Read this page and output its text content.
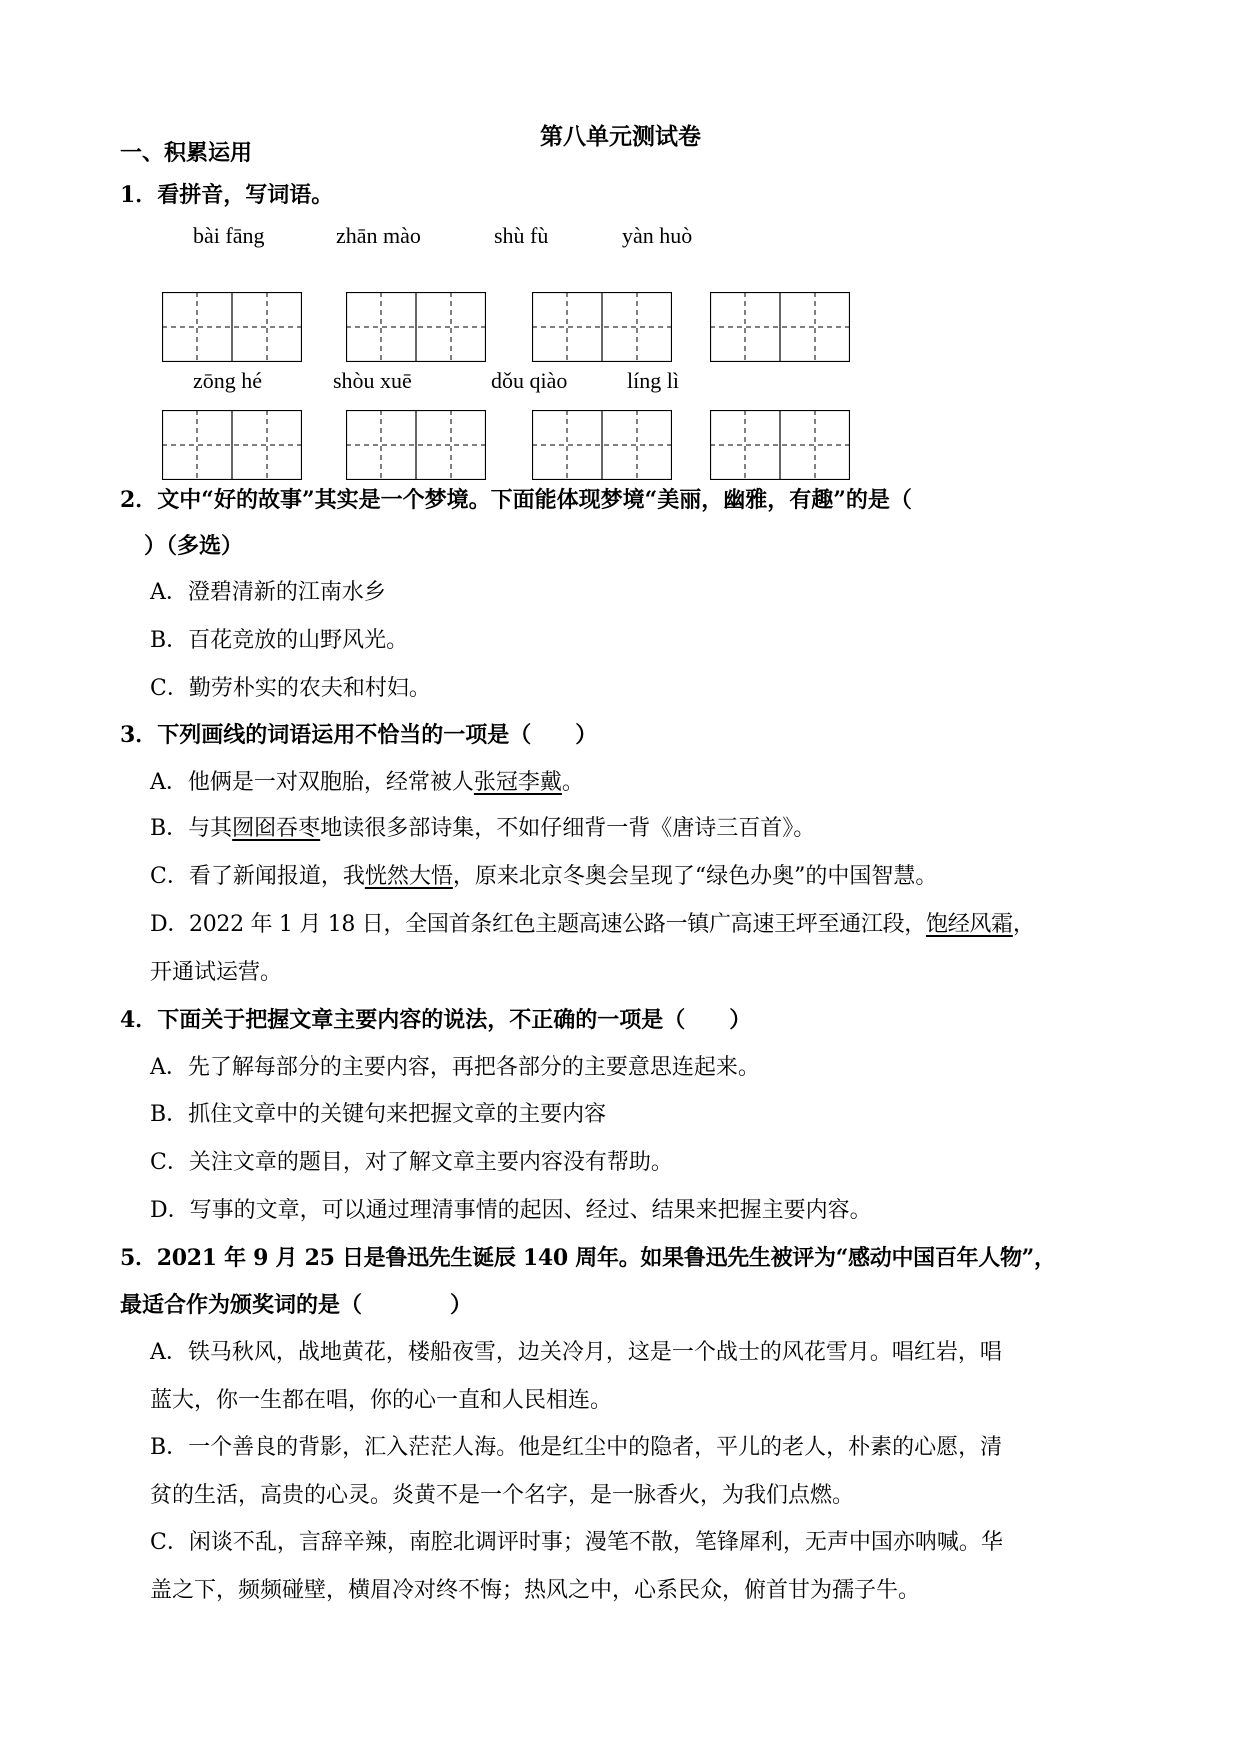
第八单元测试卷
一、积累运用
1．看拼音，写词语。
bài fāng	zhān mào	shù fù	yàn huò
zōng hé	shòu xuē	dǒu qiào	líng lì
2．文中“好的故事”其实是一个梦境。下面能体现梦境“美丽，幽雅，有趣”的是（
）（多选）
A．澄碧清新的江南水乡
B．百花竞放的山野风光。
C．勤劳朴实的农夫和村妇。
3．下列画线的词语运用不恰当的一项是（　　）
A．他俩是一对双胞胎，经常被人张冠李戴。
B．与其囫囵吞枣地读很多部诗集，不如仔细背一背《唐诗三百首》。
C．看了新闻报道，我恍然大悟，原来北京冬奥会呈现了“绿色办奥”的中国智慧。
D．2022 年 1 月 18 日，全国首条红色主题高速公路一镇广高速王坪至通江段，饱经风霜，
开通试运营。
4．下面关于把握文章主要内容的说法，不正确的一项是（　　）
A．先了解每部分的主要内容，再把各部分的主要意思连起来。
B．抓住文章中的关键句来把握文章的主要内容
C．关注文章的题目，对了解文章主要内容没有帮助。
D．写事的文章，可以通过理清事情的起因、经过、结果来把握主要内容。
5．2021 年 9 月 25 日是鲁迅先生诞辰 140 周年。如果鲁迅先生被评为“感动中国百年人物”，
最适合作为颁奖词的是（　　　　）
A．铁马秋风，战地黄花，楼船夜雪，边关冷月，这是一个战士的风花雪月。唱红岩，唱
蓝大，你一生都在唱，你的心一直和人民相连。
B．一个善良的背影，汇入茫茫人海。他是红尘中的隐者，平儿的老人，朴素的心愿，清
贫的生活，高贵的心灵。炎黄不是一个名字，是一脉香火，为我们点燃。
C．闲谈不乱，言辞辛辣，南腔北调评时事；漫笔不散，笔锋犀利，无声中国亦呐喊。华
盖之下，频频碰壁，横眉冷对终不悔；热风之中，心系民众，俯首甘为孺子牛。
